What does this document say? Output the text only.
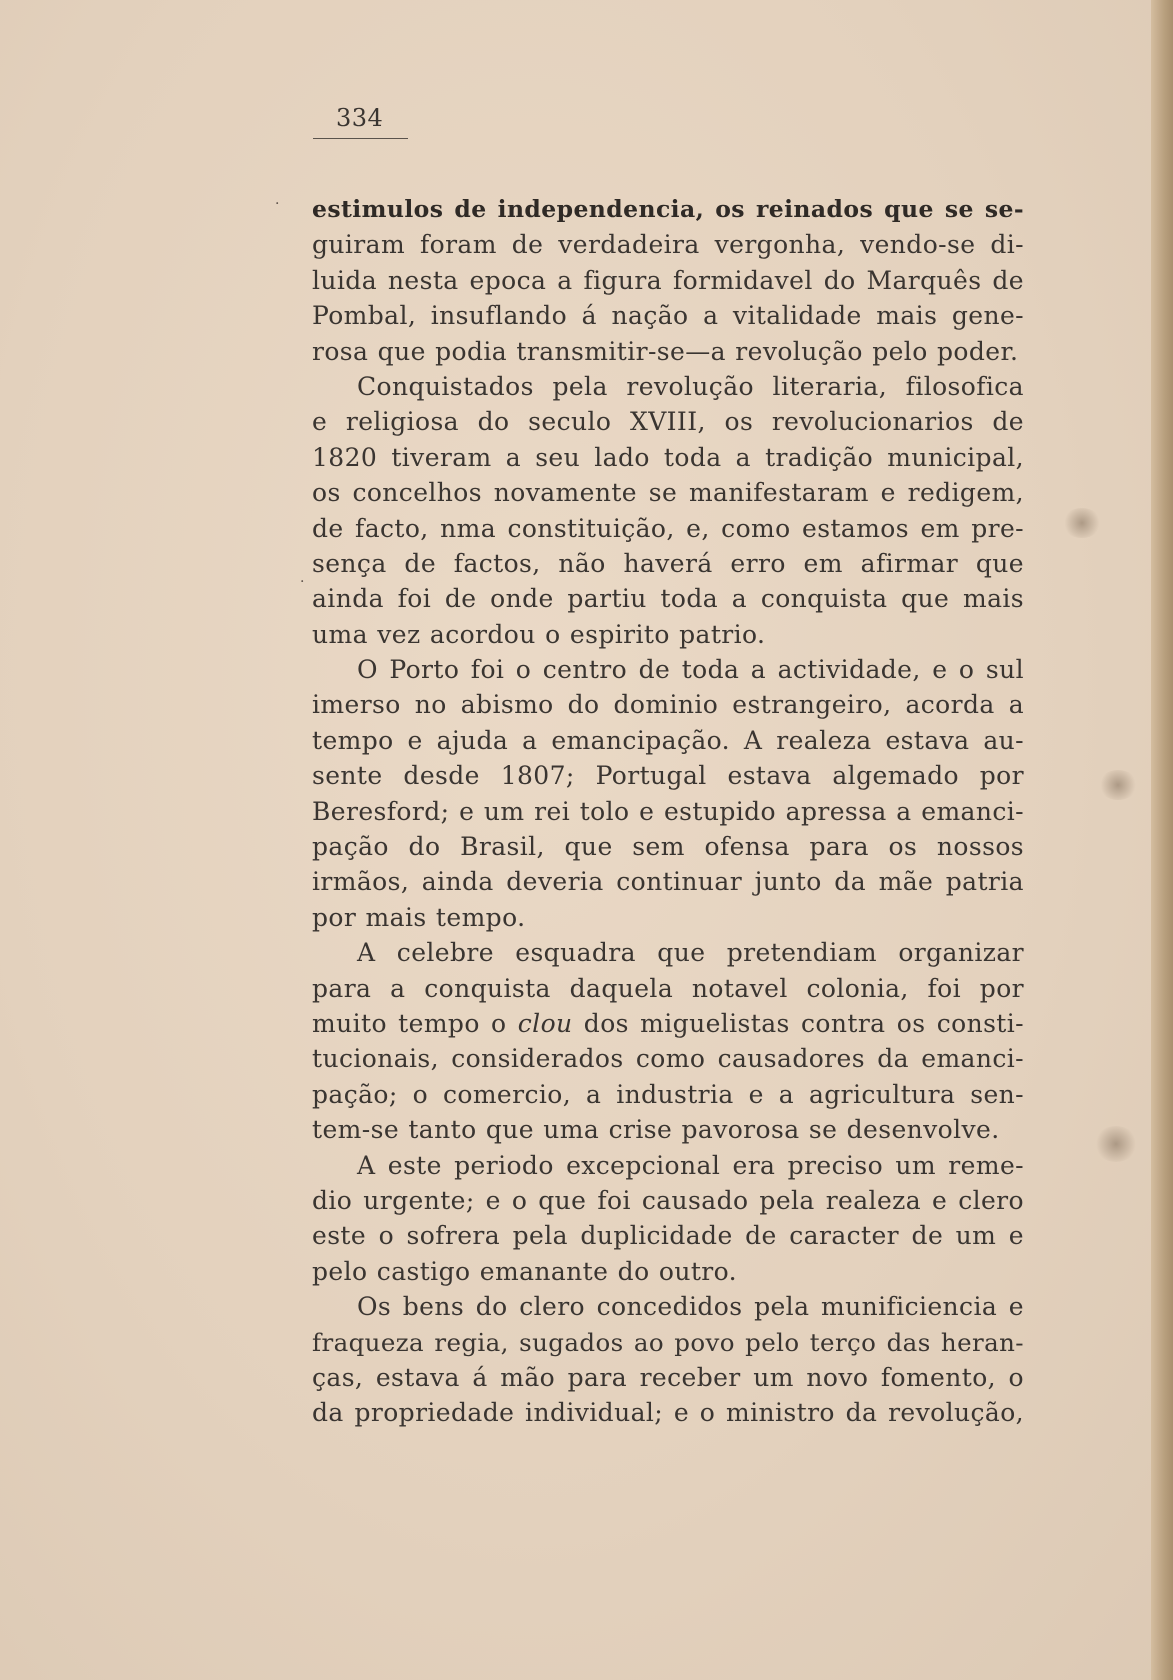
·
·
334
estimulos de independencia, os reinados que se se-
guiram foram de verdadeira vergonha, vendo-se di-
luida nesta epoca a figura formidavel do Marquês de
Pombal, insuflando á nação a vitalidade mais gene-
rosa que podia transmitir-se—a revolução pelo poder.
Conquistados pela revolução literaria, filosofica
e religiosa do seculo XVIII, os revolucionarios de
1820 tiveram a seu lado toda a tradição municipal,
os concelhos novamente se manifestaram e redigem,
de facto, nma constituição, e, como estamos em pre-
sença de factos, não haverá erro em afirmar que
ainda foi de onde partiu toda a conquista que mais
uma vez acordou o espirito patrio.
O Porto foi o centro de toda a actividade, e o sul
imerso no abismo do dominio estrangeiro, acorda a
tempo e ajuda a emancipação. A realeza estava au-
sente desde 1807; Portugal estava algemado por
Beresford; e um rei tolo e estupido apressa a emanci-
pação do Brasil, que sem ofensa para os nossos
irmãos, ainda deveria continuar junto da mãe patria
por mais tempo.
A celebre esquadra que pretendiam organizar
para a conquista daquela notavel colonia, foi por
muito tempo o clou dos miguelistas contra os consti-
tucionais, considerados como causadores da emanci-
pação; o comercio, a industria e a agricultura sen-
tem-se tanto que uma crise pavorosa se desenvolve.
A este periodo excepcional era preciso um reme-
dio urgente; e o que foi causado pela realeza e clero
este o sofrera pela duplicidade de caracter de um e
pelo castigo emanante do outro.
Os bens do clero concedidos pela munificiencia e
fraqueza regia, sugados ao povo pelo terço das heran-
ças, estava á mão para receber um novo fomento, o
da propriedade individual; e o ministro da revolução,
